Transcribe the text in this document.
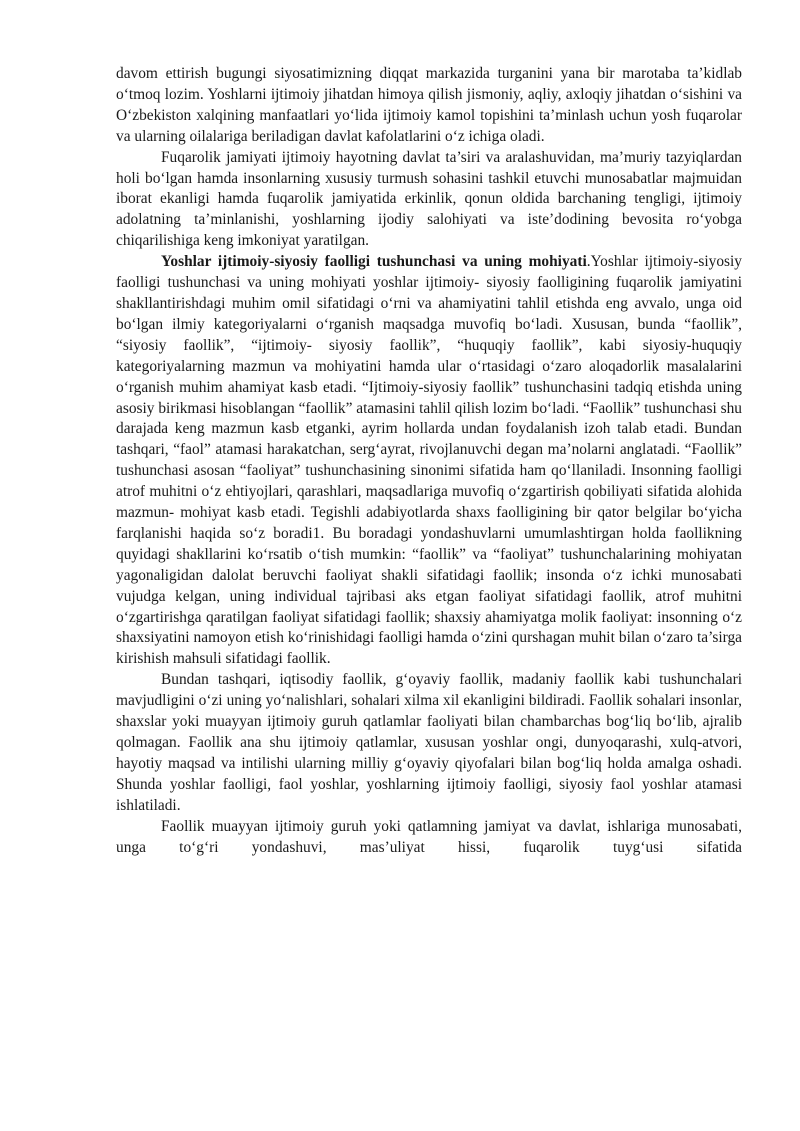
davom ettirish bugungi siyosatimizning diqqat markazida turganini yana bir marotaba ta’kidlab o‘tmoq lozim. Yoshlarni ijtimoiy jihatdan himoya qilish jismoniy, aqliy, axloqiy jihatdan o‘sishini va O‘zbekiston xalqining manfaatlari yo‘lida ijtimoiy kamol topishini ta’minlash uchun yosh fuqarolar va ularning oilalariga beriladigan davlat kafolatlarini o‘z ichiga oladi.

Fuqarolik jamiyati ijtimoiy hayotning davlat ta’siri va aralashuvidan, ma’muriy tazyiqlardan holi bo‘lgan hamda insonlarning xususiy turmush sohasini tashkil etuvchi munosabatlar majmuidan iborat ekanligi hamda fuqarolik jamiyatida erkinlik, qonun oldida barchaning tengligi, ijtimoiy adolatning ta’minlanishi, yoshlarning ijodiy salohiyati va iste’dodining bevosita ro‘yobga chiqarilishiga keng imkoniyat yaratilgan.

Yoshlar ijtimoiy-siyosiy faolligi tushunchasi va uning mohiyati.Yoshlar ijtimoiy-siyosiy faolligi tushunchasi va uning mohiyati yoshlar ijtimoiy- siyosiy faolligining fuqarolik jamiyatini shakllantirishdagi muhim omil sifatidagi o‘rni va ahamiyatini tahlil etishda eng avvalo, unga oid bo‘lgan ilmiy kategoriyalarni o‘rganish maqsadga muvofiq bo‘ladi. Xususan, bunda “faollik”, “siyosiy faollik”, “ijtimoiy- siyosiy faollik”, “huquqiy faollik”, kabi siyosiy-huquqiy kategoriyalarning mazmun va mohiyatini hamda ular o‘rtasidagi o‘zaro aloqadorlik masalalarini o‘rganish muhim ahamiyat kasb etadi. “Ijtimoiy-siyosiy faollik” tushunchasini tadqiq etishda uning asosiy birikmasi hisoblangan “faollik” atamasini tahlil qilish lozim bo‘ladi. “Faollik” tushunchasi shu darajada keng mazmun kasb etganki, ayrim hollarda undan foydalanish izoh talab etadi. Bundan tashqari, “faol” atamasi harakatchan, serg‘ayrat, rivojlanuvchi degan ma’nolarni anglatadi. “Faollik” tushunchasi asosan “faoliyat” tushunchasining sinonimi sifatida ham qo‘llaniladi. Insonning faolligi atrof muhitni o‘z ehtiyojlari, qarashlari, maqsadlariga muvofiq o‘zgartirish qobiliyati sifatida alohida mazmun- mohiyat kasb etadi. Tegishli adabiyotlarda shaxs faolligining bir qator belgilar bo‘yicha farqlanishi haqida so‘z boradi1. Bu boradagi yondashuvlarni umumlashtirgan holda faollikning quyidagi shakllarini ko‘rsatib o‘tish mumkin: “faollik” va “faoliyat” tushunchalarining mohiyatan yagonaligidan dalolat beruvchi faoliyat shakli sifatidagi faollik; insonda o‘z ichki munosabati vujudga kelgan, uning individual tajribasi aks etgan faoliyat sifatidagi faollik, atrof muhitni o‘zgartirishga qaratilgan faoliyat sifatidagi faollik; shaxsiy ahamiyatga molik faoliyat: insonning o‘z shaxsiyatini namoyon etish ko‘rinishidagi faolligi hamda o‘zini qurshagan muhit bilan o‘zaro ta’sirga kirishish mahsuli sifatidagi faollik.

Bundan tashqari, iqtisodiy faollik, g‘oyaviy faollik, madaniy faollik kabi tushunchalari mavjudligini o‘zi uning yo‘nalishlari, sohalari xilma xil ekanligini bildiradi. Faollik sohalari insonlar, shaxslar yoki muayyan ijtimoiy guruh qatlamlar faoliyati bilan chambarchas bog‘liq bo‘lib, ajralib qolmagan. Faollik ana shu ijtimoiy qatlamlar, xususan yoshlar ongi, dunyoqarashi, xulq-atvori, hayotiy maqsad va intilishi ularning milliy g‘oyaviy qiyofalari bilan bog‘liq holda amalga oshadi. Shunda yoshlar faolligi, faol yoshlar, yoshlarning ijtimoiy faolligi, siyosiy faol yoshlar atamasi ishlatiladi.

Faollik muayyan ijtimoiy guruh yoki qatlamning jamiyat va davlat, ishlariga munosabati, unga to‘g‘ri yondashuvi, mas’uliyat hissi, fuqarolik tuyg‘usi sifatida
